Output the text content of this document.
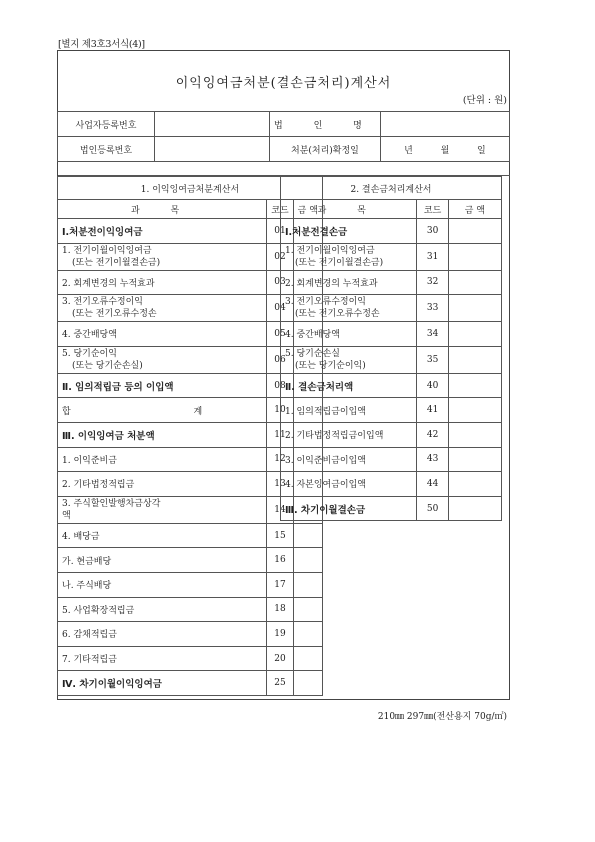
[별지 제3호3서식(4)]
이익잉여금처분(결손금처리)계산서
(단위 : 원)
사업자등록번호		법 인 명	
법인등록번호		처분(처리)확정일	년 월 일

1. 이익잉여금처분계산서		
과 목	코드	금 액
Ⅰ.처분전이익잉여금	01	
1. 전기이월이익잉여금
(또는 전기이월결손금)	02	
2. 회계변경의 누적효과	03	
3. 전기오류수정이익
(또는 전기오류수정손	04	
4. 중간배당액	05	
5. 당기순이익
(또는 당기순손실)	06	
Ⅱ. 임의적립금 등의 이입액	08	
합 계	10	
Ⅲ. 이익잉여금 처분액	11	
1. 이익준비금	12	
2. 기타법정적립금	13	
3. 주식할인발행차금상각
액	14	
4. 배당금	15	
가. 현금배당	16	
나. 주식배당	17	
5. 사업확장적립금	18	
6. 감채적립금	19	
7. 기타적립금	20	
Ⅳ. 차기이월이익잉여금	25	
2. 결손금처리계산서		
과 목	코드	금 액
Ⅰ.처분전결손금	30	
1. 전기이월이익잉여금
(또는 전기이월결손금)	31	
2. 회계변경의 누적효과	32	
3. 전기오류수정이익
(또는 전기오류수정손	33	
4. 중간배당액	34	
5. 당기순손실
(또는 당기순이익)	35	
Ⅱ. 결손금처리액	40	
1. 임의적립금이입액	41	
2. 기타법정적립금이입액	42	
3. 이익준비금이입액	43	
4. 자본잉여금이입액	44	
Ⅲ. 차기이월결손금	50	
210㎜ 297㎜(전산용지 70g/㎡)
